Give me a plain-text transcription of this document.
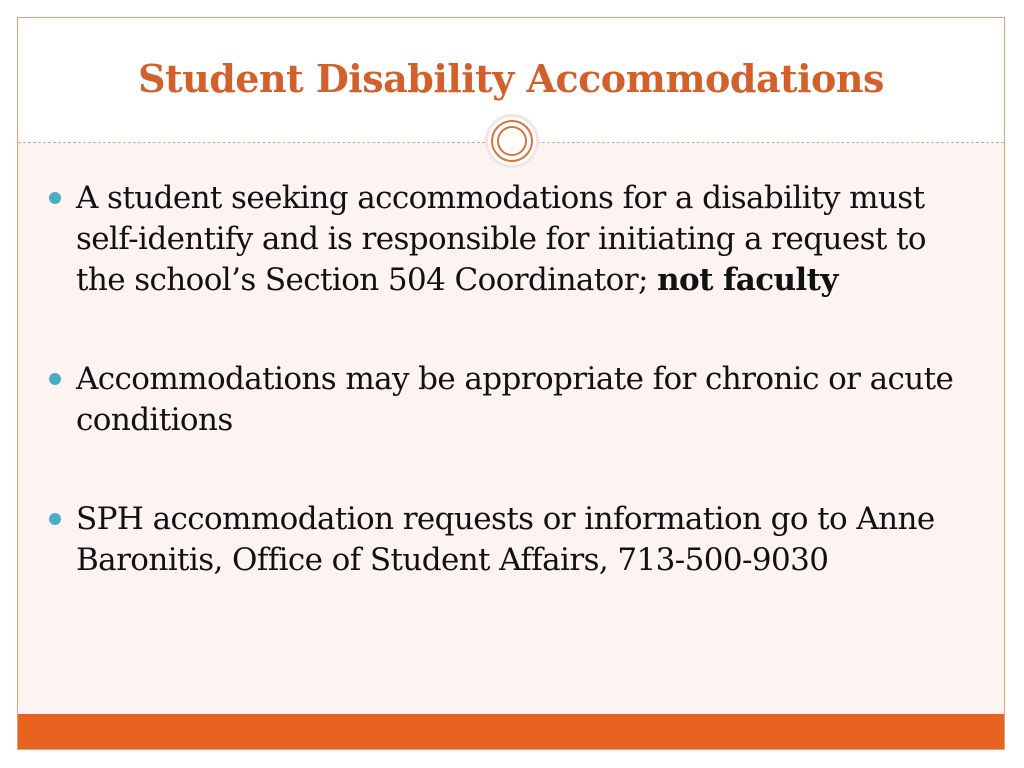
Student Disability Accommodations
A student seeking accommodations for a disability must self-identify and is responsible for initiating a request to the school’s Section 504 Coordinator; not faculty
Accommodations may be appropriate for chronic or acute conditions
SPH accommodation requests or information go to Anne Baronitis, Office of Student Affairs, 713-500-9030
